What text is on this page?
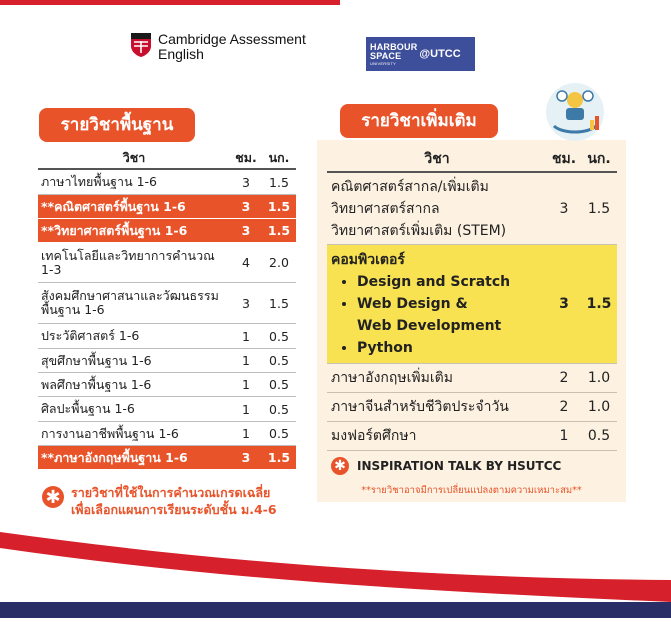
Cambridge Assessment
English	HARBOUR
SPACE
UNIVERSITY
@UTCC
รายวิชาพื้นฐาน
วิชา	ชม. นก.
ภาษาไทยพื้นฐาน 1-6	3	1.5
**คณิตศาสตร์พื้นฐาน 1-6	3	1.5
**วิทยาศาสตร์พื้นฐาน 1-6	3	1.5
เทคโนโลยีและวิทยาการคำนวณ 1-3	4	2.0
สังคมศึกษาศาสนาและวัฒนธรรมพื้นฐาน 1-6	3	1.5
ประวัติศาสตร์ 1-6	1	0.5
สุขศึกษาพื้นฐาน 1-6	1	0.5
พลศึกษาพื้นฐาน 1-6	1	0.5
ศิลปะพื้นฐาน 1-6	1	0.5
การงานอาชีพพื้นฐาน 1-6	1	0.5
**ภาษาอังกฤษพื้นฐาน 1-6	3	1.5
✱ รายวิชาที่ใช้ในการคำนวณเกรดเฉลี่ย
เพื่อเลือกแผนการเรียนระดับชั้น ม.4-6
รายวิชาเพิ่มเติม
วิชา	ชม. นก.
คณิตศาสตร์สากล/เพิ่มเติม
วิทยาศาสตร์สากล
วิทยาศาสตร์เพิ่มเติม (STEM)
3	1.5
คอมพิวเตอร์
• Design and Scratch
• Web Design &
Web Development
• Python
3	1.5
ภาษาอังกฤษเพิ่มเติม	2	1.0
ภาษาจีนสำหรับชีวิตประจำวัน	2	1.0
มงฟอร์ตศึกษา	1	0.5
✱ INSPIRATION TALK BY HSUTCC
**รายวิชาอาจมีการเปลี่ยนแปลงตามความเหมาะสม**
